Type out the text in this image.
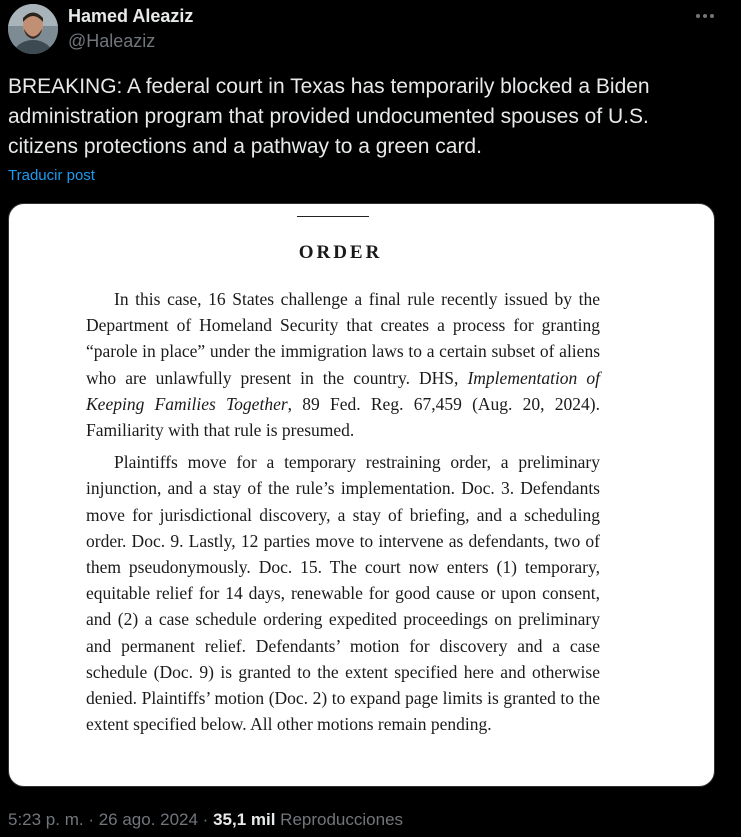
Hamed Aleaziz
@Haleaziz
BREAKING: A federal court in Texas has temporarily blocked a Biden
administration program that provided undocumented spouses of U.S.
citizens protections and a pathway to a green card.
Traducir post
'
ORDER

In this case, 16 States challenge a final rule recently issued by the Department of Homeland Security that creates a process for granting “parole in place” under the immigration laws to a certain subset of aliens who are unlawfully present in the country. DHS, Implementation of Keeping Families Together, 89 Fed. Reg. 67,459 (Aug. 20, 2024). Familiarity with that rule is presumed.

Plaintiffs move for a temporary restraining order, a preliminary injunction, and a stay of the rule’s implementation. Doc. 3. Defendants move for jurisdictional discovery, a stay of briefing, and a scheduling order. Doc. 9. Lastly, 12 parties move to intervene as defendants, two of them pseudonymously. Doc. 15. The court now enters (1) temporary, equitable relief for 14 days, renewable for good cause or upon consent, and (2) a case schedule ordering expedited proceedings on preliminary and permanent relief. Defendants’ motion for discovery and a case schedule (Doc. 9) is granted to the extent specified here and otherwise denied. Plaintiffs’ motion (Doc. 2) to expand page limits is granted to the extent specified below. All other motions remain pending.

5:23 p. m. · 26 ago. 2024 · 35,1 mil Reproducciones
